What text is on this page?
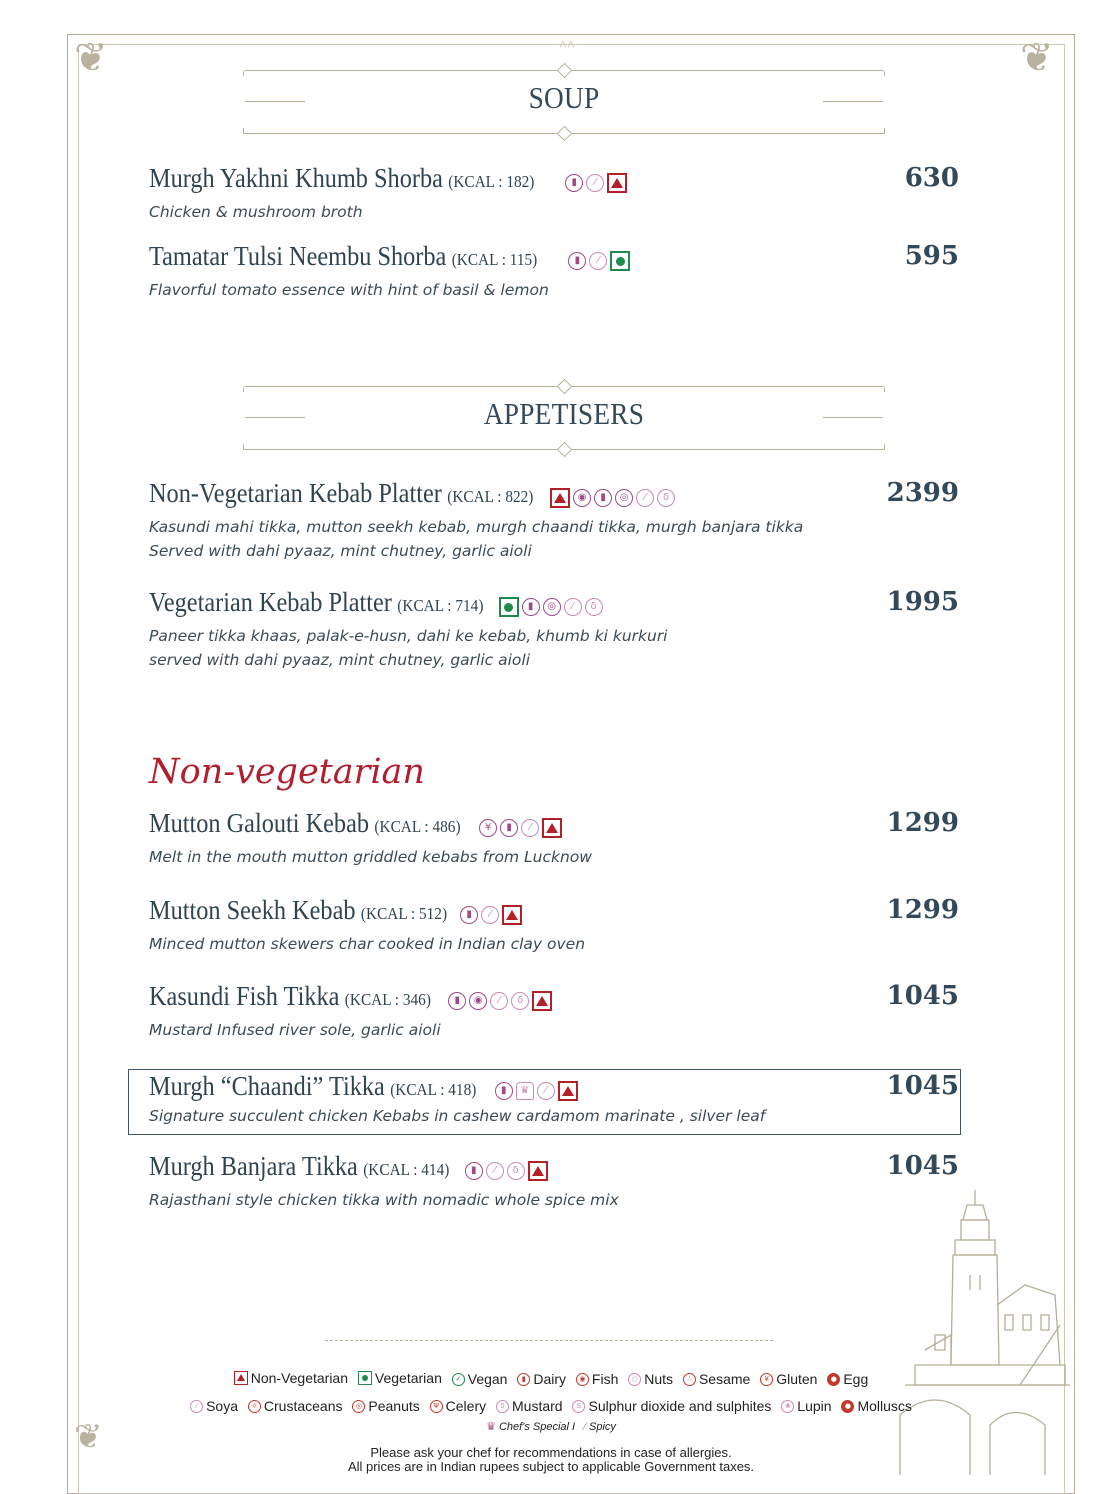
❦	❦
❦
˄˄
SOUP
Murgh Yakhni Khumb Shorba (KCAL : 182)	▮	⁄	630
Chicken & mushroom broth
Tamatar Tulsi Neembu Shorba (KCAL : 115)	▮	⁄	595
Flavorful tomato essence with hint of basil & lemon
APPETISERS
Non-Vegetarian Kebab Platter (KCAL : 822)	◉	▮	◎	⁄	δ	2399
Kasundi mahi tikka, mutton seekh kebab, murgh chaandi tikka, murgh banjara tikka
Served with dahi pyaaz, mint chutney, garlic aioli
Vegetarian Kebab Platter (KCAL : 714)	▮	◎	⁄	δ	1995
Paneer tikka khaas, palak-e-husn, dahi ke kebab, khumb ki kurkuri
served with dahi pyaaz, mint chutney, garlic aioli
Non-vegetarian
Mutton Galouti Kebab (KCAL : 486)	¥	▮	⁄	1299
Melt in the mouth mutton griddled kebabs from Lucknow
Mutton Seekh Kebab (KCAL : 512)	▮	⁄	1299
Minced mutton skewers char cooked in Indian clay oven
Kasundi Fish Tikka (KCAL : 346)	▮	◉	⁄	δ	1045
Mustard Infused river sole, garlic aioli
Murgh “Chaandi” Tikka (KCAL : 418)	▮	♛	⁄	1045
Signature succulent chicken Kebabs in cashew cardamom marinate , silver leaf
Murgh Banjara Tikka (KCAL : 414)	▮	⁄	δ	1045
Rajasthani style chicken tikka with nomadic whole spice mix
Non-Vegetarian
Vegetarian
	✓ Vegan
	▮ Dairy
	◉ Fish
	○ Nuts
	∴ Sesame
	¥ Gluten
	● Egg
⁄ Soya
	☼ Crustaceans
	◎ Peanuts
	Ψ Celery
	δ Mustard
	S Sulphur dioxide and sulphites
	❀ Lupin
	● Molluscs
♛ Chef's Special I
⁄ Spicy
Please ask your chef for recommendations in case of allergies.
All prices are in Indian rupees subject to applicable Government taxes.
